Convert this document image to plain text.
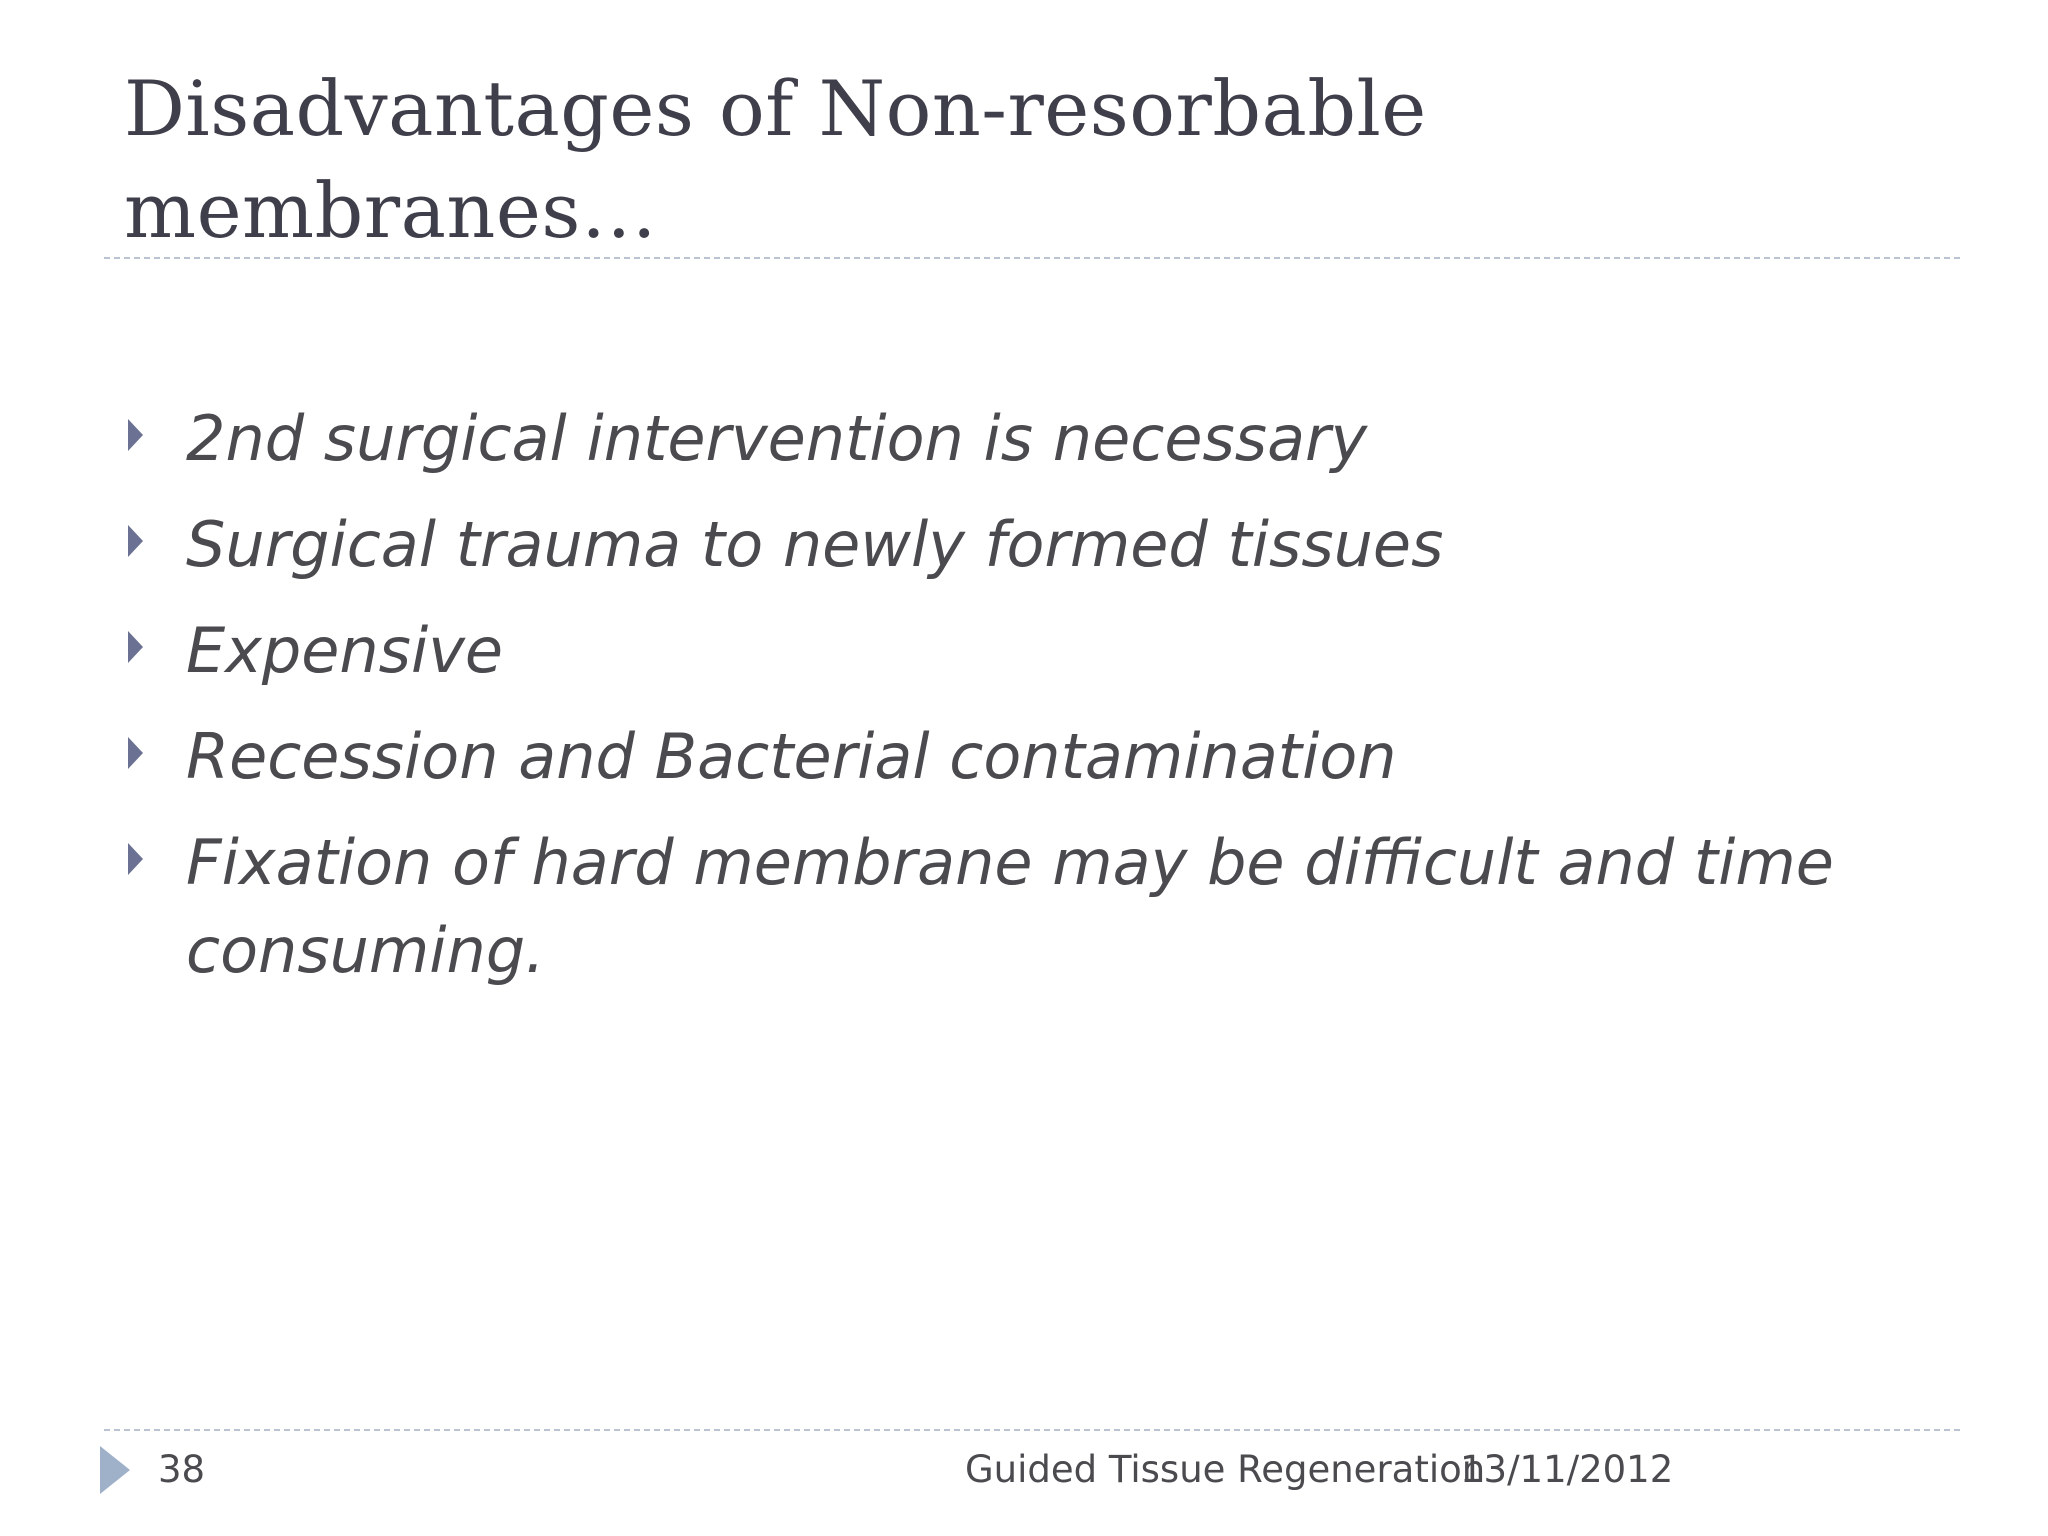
Disadvantages of Non-resorbable
membranes…
2nd surgical intervention is necessary
Surgical trauma to newly formed tissues
Expensive
Recession and Bacterial contamination
Fixation of hard membrane may be difficult and time consuming.
38	Guided Tissue Regeneration
13/11/2012
